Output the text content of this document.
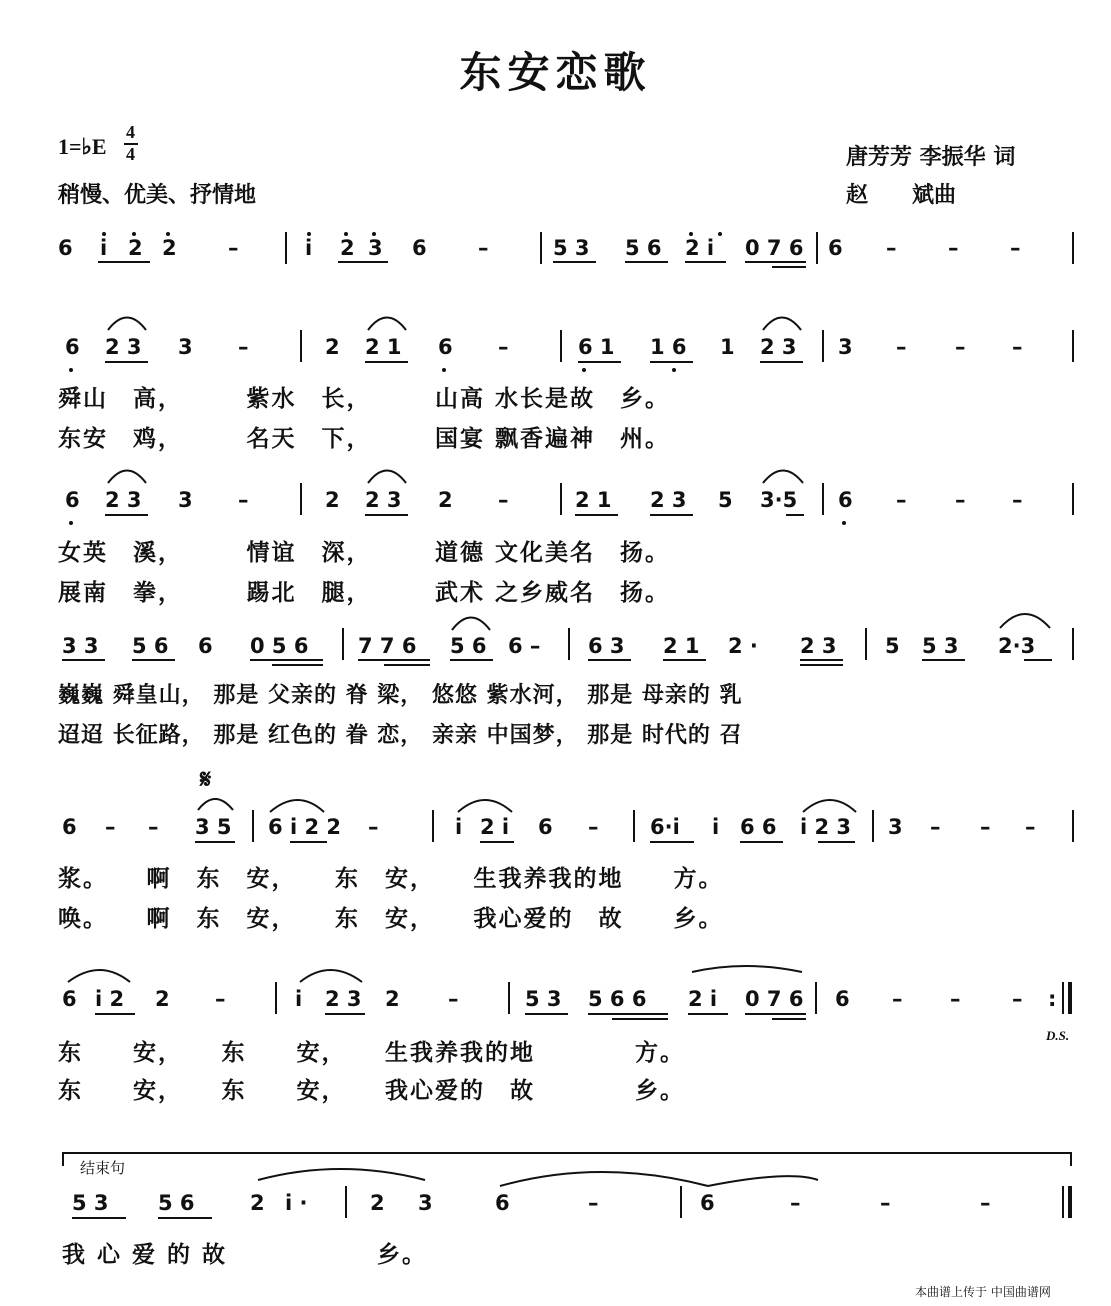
东安恋歌
1=♭E
4
4
稍慢、优美、抒情地
唐芳芳 李振华 词
赵　　斌曲
6 i 2 2 –	i 2 3 6 –	5 3 5 6 2 i 0 7 6 6 – – –
6 2 3 3 –	2 2 1 6 –	6 1 1 6 1 2 3 3 – – –
6 2 3 3 –	2 2 3 2 –	2 1 2 3 5 3·5 6 – – –
3 3 5 6 6 0 5 6 7 7 6 5 6 6 – 6 3 2 1 2 · 2 3 5 5 3 2·3
6 – – 3 5 6 i 2 2 –	i 2 i 6 – 6·i i 6 6 i 2 3 3 – – –
6 i 2 2 –	i 2 3 2 –	5 3 5 6 6 2 i 0 7 6 6 – – – :
5 3 5 6	2 i ·	2 3	6	–	6	–	–	–
舜山　高，　　　紫水　长，　　　山高 水长是故　乡。
东安　鸡，　　　名天　下，　　　国宴 飘香遍神　州。
女英　溪，　　　情谊　深，　　　道德 文化美名　扬。
展南　拳，　　　踢北　腿，　　　武术 之乡威名　扬。
巍巍 舜皇山， 那是 父亲的 脊 梁， 悠悠 紫水河， 那是 母亲的 乳
迢迢 长征路， 那是 红色的 眷 恋， 亲亲 中国梦， 那是 时代的 召
浆。　　啊　东　安，　　东　安，　　生我养我的地　　方。
唤。　　啊　东　安，　　东　安，　　我心爱的　故　　乡。
东　　安，　　东　　安，　　生我养我的地　　　　方。
东　　安，　　东　　安，　　我心爱的　故　　　　乡。
我 心 爱 的 故　　　　　　乡。
𝄋
D.S.
结束句
本曲谱上传于 中国曲谱网
